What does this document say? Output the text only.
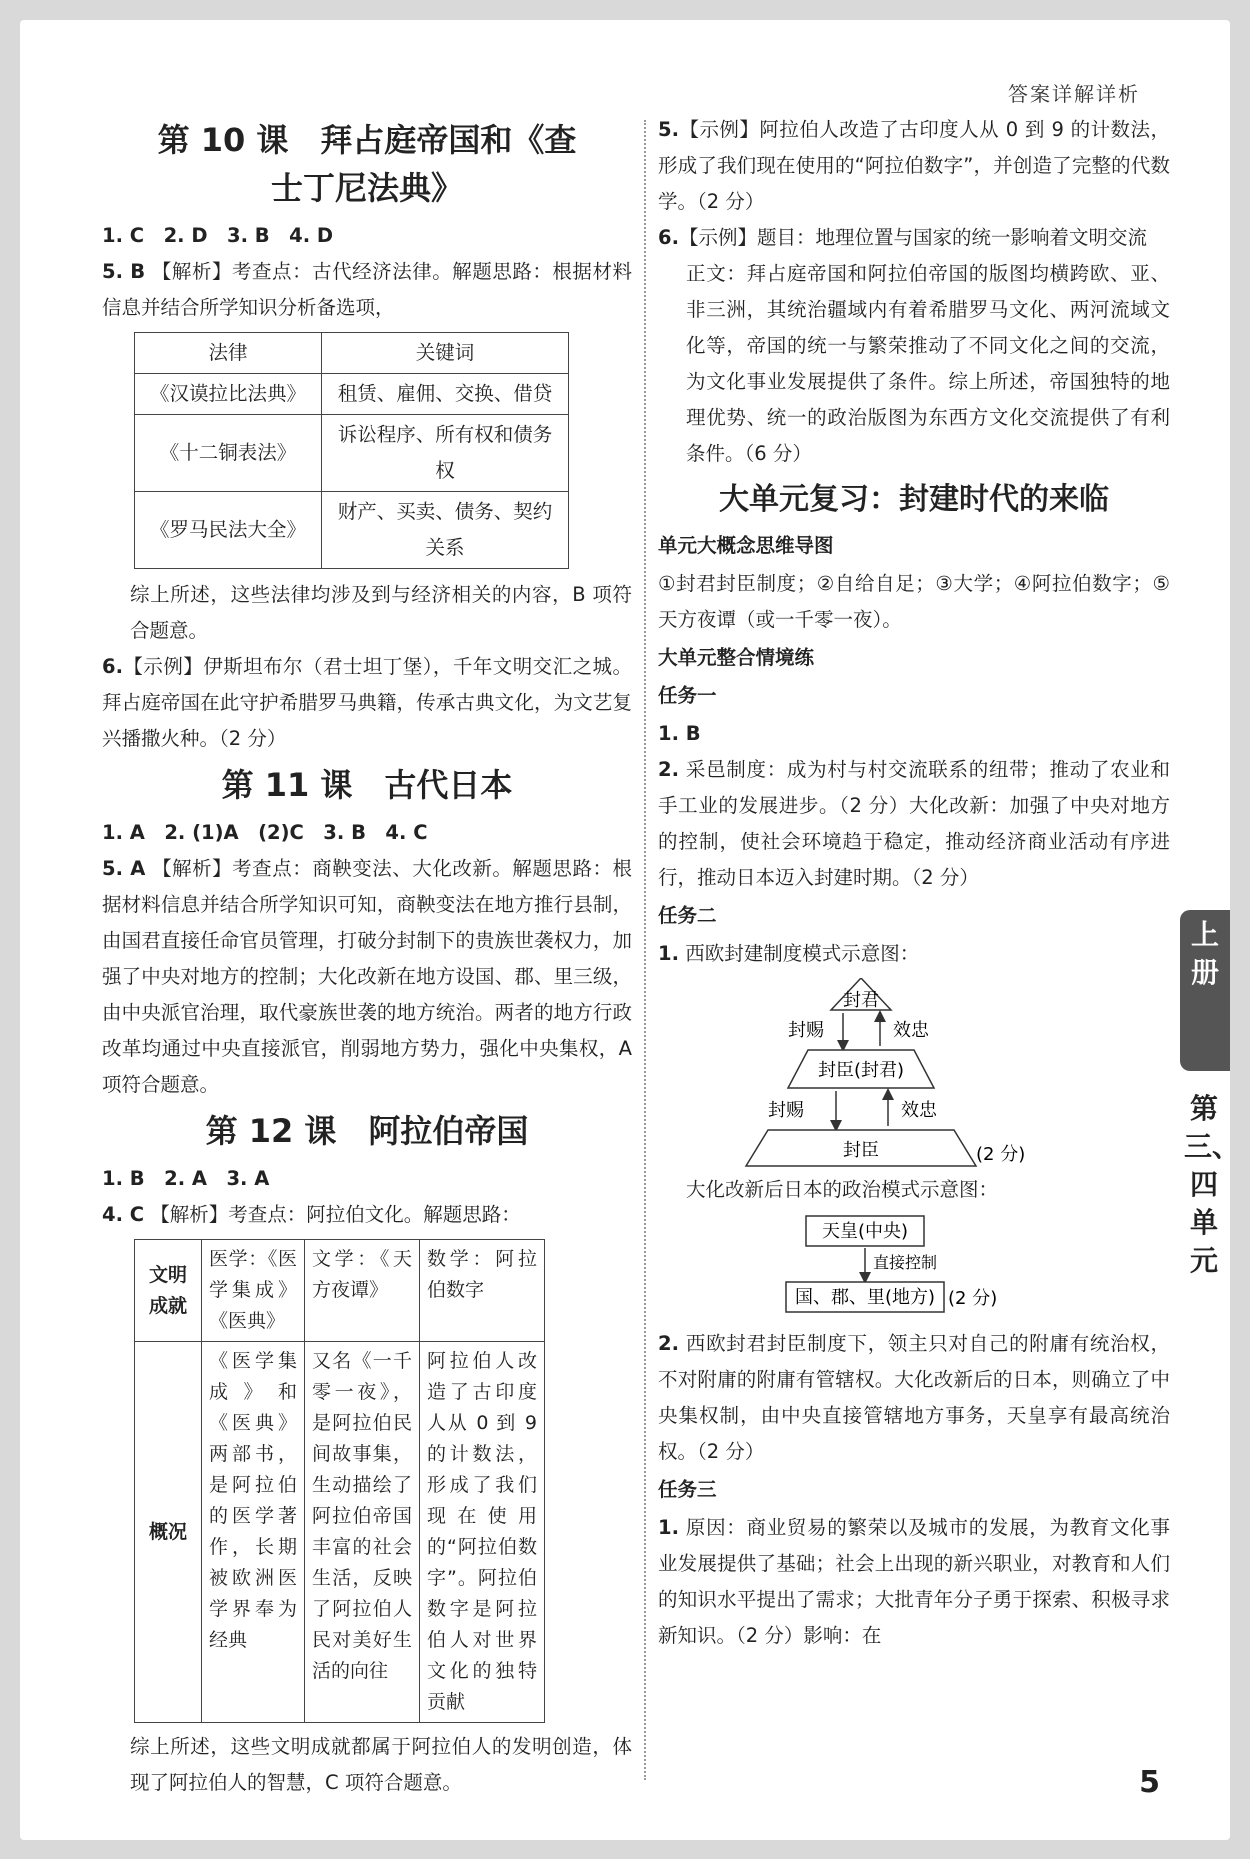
答案详解详析
第 10 课　拜占庭帝国和《查
士丁尼法典》

1. C　2. D　3. B　4. D

5. B 【解析】考查点：古代经济法律。解题思路：根据材料信息并结合所学知识分析备选项，

法律	关键词
《汉谟拉比法典》	租赁、雇佣、交换、借贷
《十二铜表法》	诉讼程序、所有权和债务权
《罗马民法大全》	财产、买卖、债务、契约关系

综上所述，这些法律均涉及到与经济相关的内容，B 项符合题意。

6.【示例】伊斯坦布尔（君士坦丁堡），千年文明交汇之城。拜占庭帝国在此守护希腊罗马典籍，传承古典文化，为文艺复兴播撒火种。（2 分）

第 11 课　古代日本

1. A　2. (1)A　(2)C　3. B　4. C

5. A 【解析】考查点：商鞅变法、大化改新。解题思路：根据材料信息并结合所学知识可知，商鞅变法在地方推行县制，由国君直接任命官员管理，打破分封制下的贵族世袭权力，加强了中央对地方的控制；大化改新在地方设国、郡、里三级，由中央派官治理，取代豪族世袭的地方统治。两者的地方行政改革均通过中央直接派官，削弱地方势力，强化中央集权，A 项符合题意。

第 12 课　阿拉伯帝国

1. B　2. A　3. A

4. C 【解析】考查点：阿拉伯文化。解题思路：

文明成就	医学：《医学集成》《医典》	文学：《天方夜谭》	数学：阿拉伯数字
概况	《医学集成》和《医典》两部书，是阿拉伯的医学著作，长期被欧洲医学界奉为经典	又名《一千零一夜》，是阿拉伯民间故事集，生动描绘了阿拉伯帝国丰富的社会生活，反映了阿拉伯人民对美好生活的向往	阿拉伯人改造了古印度人从 0 到 9 的计数法，形成了我们现在使用的“阿拉伯数字”。阿拉伯数字是阿拉伯人对世界文化的独特贡献

综上所述，这些文明成就都属于阿拉伯人的发明创造，体现了阿拉伯人的智慧，C 项符合题意。

5.【示例】阿拉伯人改造了古印度人从 0 到 9 的计数法，形成了我们现在使用的“阿拉伯数字”，并创造了完整的代数学。（2 分）

6.【示例】题目：地理位置与国家的统一影响着文明交流

正文：拜占庭帝国和阿拉伯帝国的版图均横跨欧、亚、非三洲，其统治疆域内有着希腊罗马文化、两河流域文化等，帝国的统一与繁荣推动了不同文化之间的交流，为文化事业发展提供了条件。综上所述，帝国独特的地理优势、统一的政治版图为东西方文化交流提供了有利条件。（6 分）

大单元复习：封建时代的来临

单元大概念思维导图

①封君封臣制度；②自给自足；③大学；④阿拉伯数字；⑤天方夜谭（或一千零一夜）。

大单元整合情境练

任务一

1. B

2. 采邑制度：成为村与村交流联系的纽带；推动了农业和手工业的发展进步。（2 分）大化改新：加强了中央对地方的控制，使社会环境趋于稳定，推动经济商业活动有序进行，推动日本迈入封建时期。（2 分）

任务二

1. 西欧封建制度模式示意图：

封君
封赐	效忠
封臣(封君)
封赐	效忠
封臣	(2 分)

大化改新后日本的政治模式示意图：

天皇(中央)
直接控制
国、郡、里(地方) (2 分)

2. 西欧封君封臣制度下，领主只对自己的附庸有统治权，不对附庸的附庸有管辖权。大化改新后的日本，则确立了中央集权制，由中央直接管辖地方事务，天皇享有最高统治权。（2 分）

任务三

1. 原因：商业贸易的繁荣以及城市的发展，为教育文化事业发展提供了基础；社会上出现的新兴职业，对教育和人们的知识水平提出了需求；大批青年分子勇于探索、积极寻求新知识。（2 分）影响：在

上
册
第三、四单元
5
